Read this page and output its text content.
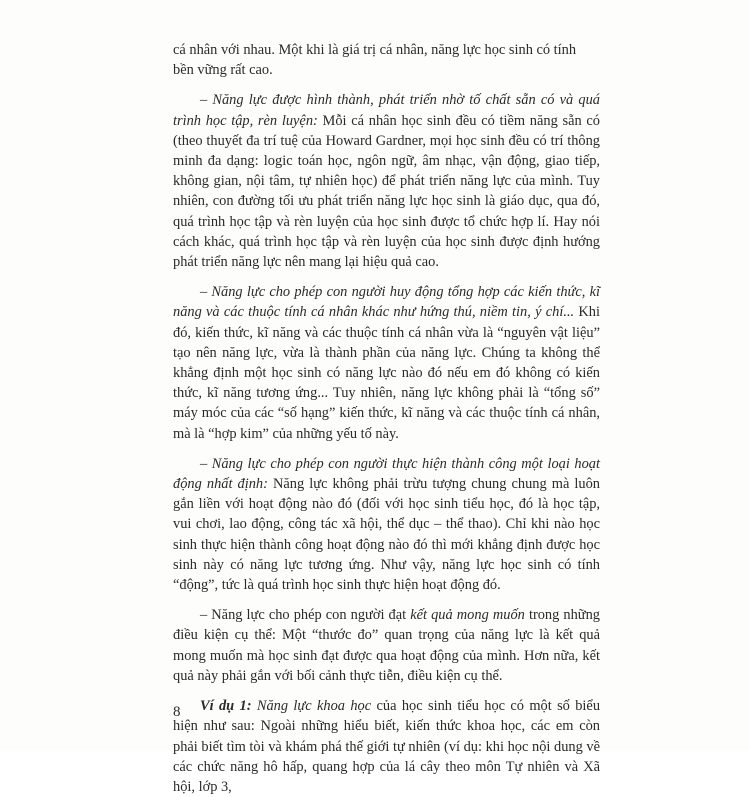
cá nhân với nhau. Một khi là giá trị cá nhân, năng lực học sinh có tính bền vững rất cao.

– Năng lực được hình thành, phát triển nhờ tố chất sẵn có và quá trình học tập, rèn luyện: Mỗi cá nhân học sinh đều có tiềm năng sẵn có (theo thuyết đa trí tuệ của Howard Gardner, mọi học sinh đều có trí thông minh đa dạng: logic toán học, ngôn ngữ, âm nhạc, vận động, giao tiếp, không gian, nội tâm, tự nhiên học) để phát triển năng lực của mình. Tuy nhiên, con đường tối ưu phát triển năng lực học sinh là giáo dục, qua đó, quá trình học tập và rèn luyện của học sinh được tổ chức hợp lí. Hay nói cách khác, quá trình học tập và rèn luyện của học sinh được định hướng phát triển năng lực nên mang lại hiệu quả cao.

– Năng lực cho phép con người huy động tổng hợp các kiến thức, kĩ năng và các thuộc tính cá nhân khác như hứng thú, niềm tin, ý chí... Khi đó, kiến thức, kĩ năng và các thuộc tính cá nhân vừa là “nguyên vật liệu” tạo nên năng lực, vừa là thành phần của năng lực. Chúng ta không thể khẳng định một học sinh có năng lực nào đó nếu em đó không có kiến thức, kĩ năng tương ứng... Tuy nhiên, năng lực không phải là “tổng số” máy móc của các “số hạng” kiến thức, kĩ năng và các thuộc tính cá nhân, mà là “hợp kim” của những yếu tố này.

– Năng lực cho phép con người thực hiện thành công một loại hoạt động nhất định: Năng lực không phải trừu tượng chung chung mà luôn gắn liền với hoạt động nào đó (đối với học sinh tiểu học, đó là học tập, vui chơi, lao động, công tác xã hội, thể dục – thể thao). Chỉ khi nào học sinh thực hiện thành công hoạt động nào đó thì mới khẳng định được học sinh này có năng lực tương ứng. Như vậy, năng lực học sinh có tính “động”, tức là quá trình học sinh thực hiện hoạt động đó.

– Năng lực cho phép con người đạt kết quả mong muốn trong những điều kiện cụ thể: Một “thước đo” quan trọng của năng lực là kết quả mong muốn mà học sinh đạt được qua hoạt động của mình. Hơn nữa, kết quả này phải gắn với bối cảnh thực tiễn, điều kiện cụ thể.

Ví dụ 1: Năng lực khoa học của học sinh tiểu học có một số biểu hiện như sau: Ngoài những hiểu biết, kiến thức khoa học, các em còn phải biết tìm tòi và khám phá thế giới tự nhiên (ví dụ: khi học nội dung về các chức năng hô hấp, quang hợp của lá cây theo môn Tự nhiên và Xã hội, lớp 3,

8
